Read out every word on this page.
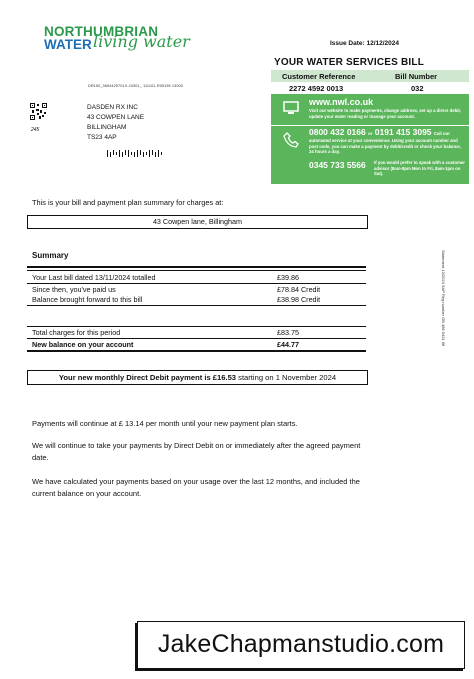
NORTHUMBRIAN
WATER living water	Issue Date: 12/12/2024
YOUR WATER SERVICES BILL
Customer Reference	Bill Number
2272 4592 0013	032
www.nwl.co.uk
Visit our website to make payments, change address, set up a direct debit, update your water reading or manage your account.
0800 432 0166 or 0191 415 3095 Call our
automated service at your convenience. Using your account number and post code, you can make a payment by debit/credit or check your balance, 24 hours a day.
0345 733 5566 If you would prefer to speak with a customer advisor (8am-8pm Mon to Fri, 8am-1pm on Sat).
DR150_3694425701X-24301_ 111101-R05159 13000
245
DASDEN RX INC
43 COWPEN LANE
BILLINGHAM
TS23 4AP
This is your bill and payment plan summary for charges at:
43 Cowpen lane, Billingham
Summary
Your Last bill dated 13/11/2024 totalled	£39.86
Since then, you've paid us	£78.84 Credit
Balance brought forward to this bill	£38.98 Credit
Total charges for this period	£83.75
New balance on your account	£44.77
Your new monthly Direct Debit payment is £16.53 starting on 1 November 2024
Payments will continue at £ 13.14 per month until your new payment plan starts.
We will continue to take your payments by Direct Debit on or immediately after the agreed payment date.
We have calculated your payments based on your usage over the last 12 months, and included the current balance on your account.
Statement 12/2024 SAP Reg number GB 486 9421 68
JakeChapmanstudio.com
